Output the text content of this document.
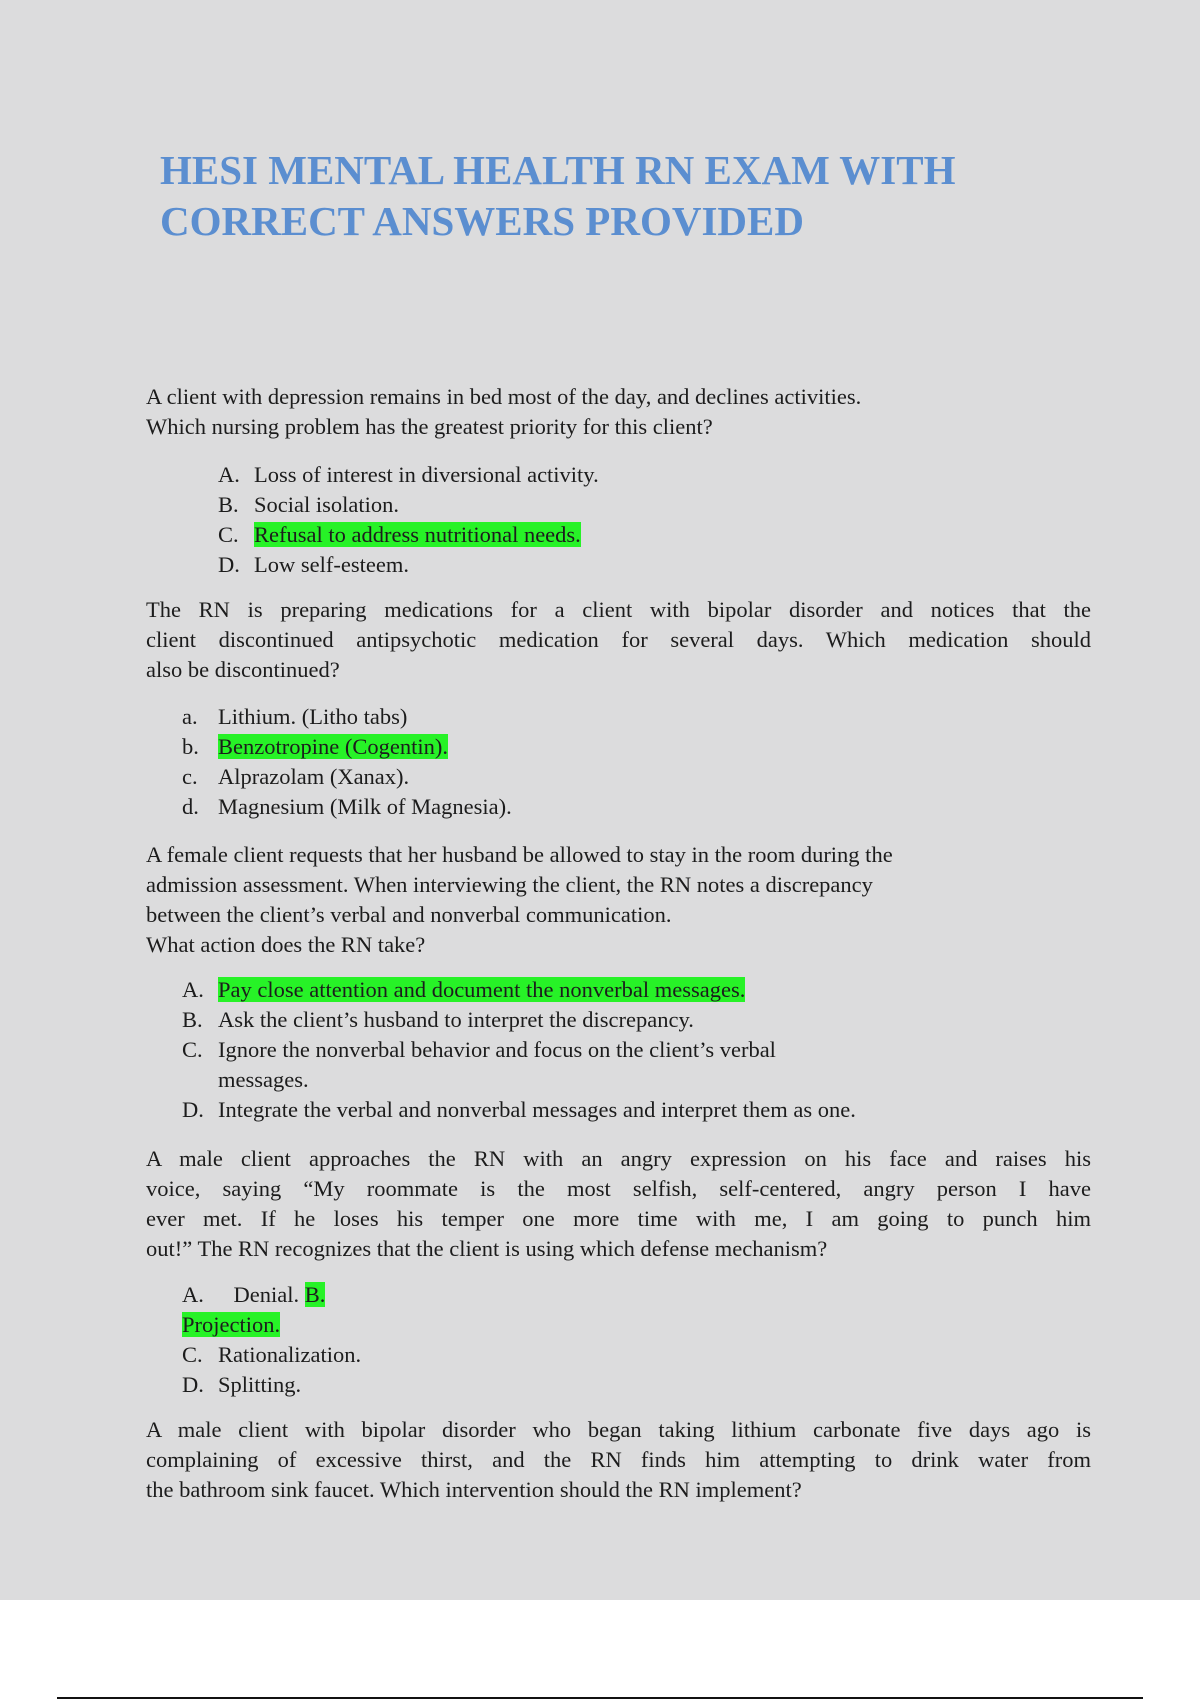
HESI MENTAL HEALTH RN EXAM WITH
CORRECT ANSWERS PROVIDED
A client with depression remains in bed most of the day, and declines activities.
Which nursing problem has the greatest priority for this client?
A. Loss of interest in diversional activity.
B. Social isolation.
C. Refusal to address nutritional needs.
D. Low self-esteem.
The RN is preparing medications for a client with bipolar disorder and notices that the
client discontinued antipsychotic medication for several days. Which medication should
also be discontinued?
a. Lithium. (Litho tabs)
b. Benzotropine (Cogentin).
c. Alprazolam (Xanax).
d. Magnesium (Milk of Magnesia).
A female client requests that her husband be allowed to stay in the room during the
admission assessment. When interviewing the client, the RN notes a discrepancy
between the client’s verbal and nonverbal communication.
What action does the RN take?
A. Pay close attention and document the nonverbal messages.
B. Ask the client’s husband to interpret the discrepancy.
C. Ignore the nonverbal behavior and focus on the client’s verbal
messages.
D. Integrate the verbal and nonverbal messages and interpret them as one.
A male client approaches the RN with an angry expression on his face and raises his
voice, saying “My roommate is the most selfish, self-centered, angry person I have
ever met. If he loses his temper one more time with me, I am going to punch him
out!” The RN recognizes that the client is using which defense mechanism?
A. Denial. B.
Projection.
C. Rationalization.
D. Splitting.
A male client with bipolar disorder who began taking lithium carbonate five days ago is
complaining of excessive thirst, and the RN finds him attempting to drink water from
the bathroom sink faucet. Which intervention should the RN implement?
